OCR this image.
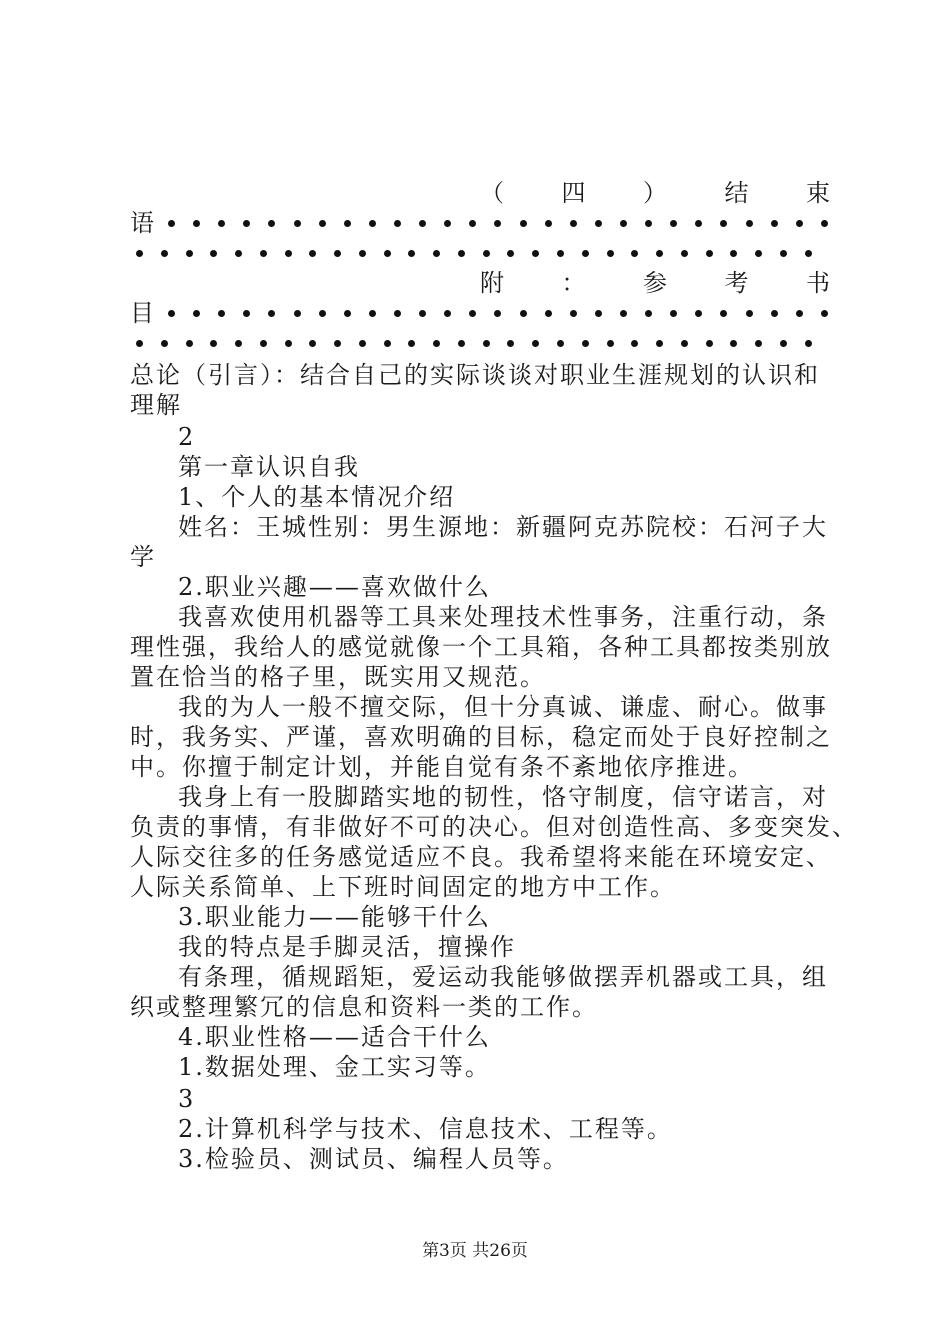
（ 四 ） 结 束
语
附 ： 参 考 书
目
总论（引言）：结合自己的实际谈谈对职业生涯规划的认识和
理解
2
第一章认识自我
1、个人的基本情况介绍
姓名：王城性别：男生源地：新疆阿克苏院校：石河子大
学
2.职业兴趣——喜欢做什么
我喜欢使用机器等工具来处理技术性事务，注重行动，条
理性强，我给人的感觉就像一个工具箱，各种工具都按类别放
置在恰当的格子里，既实用又规范。
我的为人一般不擅交际，但十分真诚、谦虚、耐心。做事
时，我务实、严谨，喜欢明确的目标，稳定而处于良好控制之
中。你擅于制定计划，并能自觉有条不紊地依序推进。
我身上有一股脚踏实地的韧性，恪守制度，信守诺言，对
负责的事情，有非做好不可的决心。但对创造性高、多变突发、
人际交往多的任务感觉适应不良。我希望将来能在环境安定、
人际关系简单、上下班时间固定的地方中工作。
3.职业能力——能够干什么
我的特点是手脚灵活，擅操作
有条理，循规蹈矩，爱运动我能够做摆弄机器或工具，组
织或整理繁冗的信息和资料一类的工作。
4.职业性格——适合干什么
1.数据处理、金工实习等。
3
2.计算机科学与技术、信息技术、工程等。
3.检验员、测试员、编程人员等。
第3页 共26页
